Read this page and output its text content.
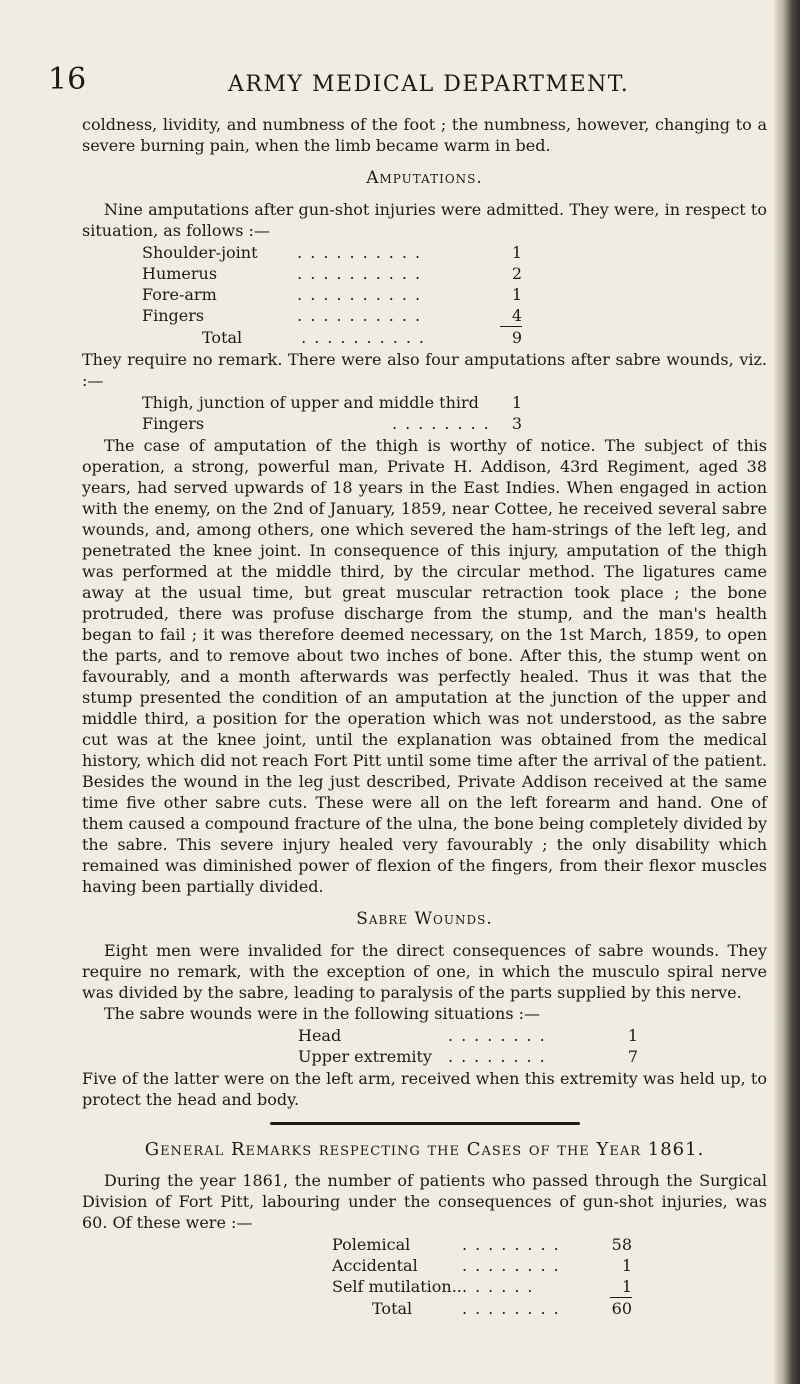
16	ARMY MEDICAL DEPARTMENT.

coldness, lividity, and numbness of the foot ; the numbness, however, changing to a severe burning pain, when the limb became warm in bed.

Amputations.

Nine amputations after gun-shot injuries were admitted. They were, in respect to situation, as follows :—

Shoulder-joint	..........	1
Humerus	..........	2
Fore-arm	..........	1
Fingers	..........	4
Total	..........	9

They require no remark. There were also four amputations after sabre wounds, viz. :—

Thigh, junction of upper and middle third	1
Fingers	........ 3

The case of amputation of the thigh is worthy of notice. The subject of this operation, a strong, powerful man, Private H. Addison, 43rd Regiment, aged 38 years, had served upwards of 18 years in the East Indies. When engaged in action with the enemy, on the 2nd of January, 1859, near Cottee, he received several sabre wounds, and, among others, one which severed the ham-strings of the left leg, and penetrated the knee joint. In consequence of this injury, amputation of the thigh was performed at the middle third, by the circular method. The ligatures came away at the usual time, but great muscular retraction took place ; the bone protruded, there was profuse discharge from the stump, and the man's health began to fail ; it was therefore deemed necessary, on the 1st March, 1859, to open the parts, and to remove about two inches of bone. After this, the stump went on favourably, and a month afterwards was perfectly healed. Thus it was that the stump presented the condition of an amputation at the junction of the upper and middle third, a position for the operation which was not understood, as the sabre cut was at the knee joint, until the explanation was obtained from the medical history, which did not reach Fort Pitt until some time after the arrival of the patient. Besides the wound in the leg just described, Private Addison received at the same time five other sabre cuts. These were all on the left forearm and hand. One of them caused a compound fracture of the ulna, the bone being completely divided by the sabre. This severe injury healed very favourably ; the only disability which remained was diminished power of flexion of the fingers, from their flexor muscles having been partially divided.

Sabre Wounds.

Eight men were invalided for the direct consequences of sabre wounds. They require no remark, with the exception of one, in which the musculo spiral nerve was divided by the sabre, leading to paralysis of the parts supplied by this nerve.

The sabre wounds were in the following situations :—

Head	........	1
Upper extremity	........	7

Five of the latter were on the left arm, received when this extremity was held up, to protect the head and body.

General Remarks respecting the Cases of the Year 1861.

During the year 1861, the number of patients who passed through the Surgical Division of Fort Pitt, labouring under the consequences of gun-shot injuries, was 60. Of these were :—

Polemical	........	58
Accidental	........	1
Self mutilation.. ......	1
Total	........	60
